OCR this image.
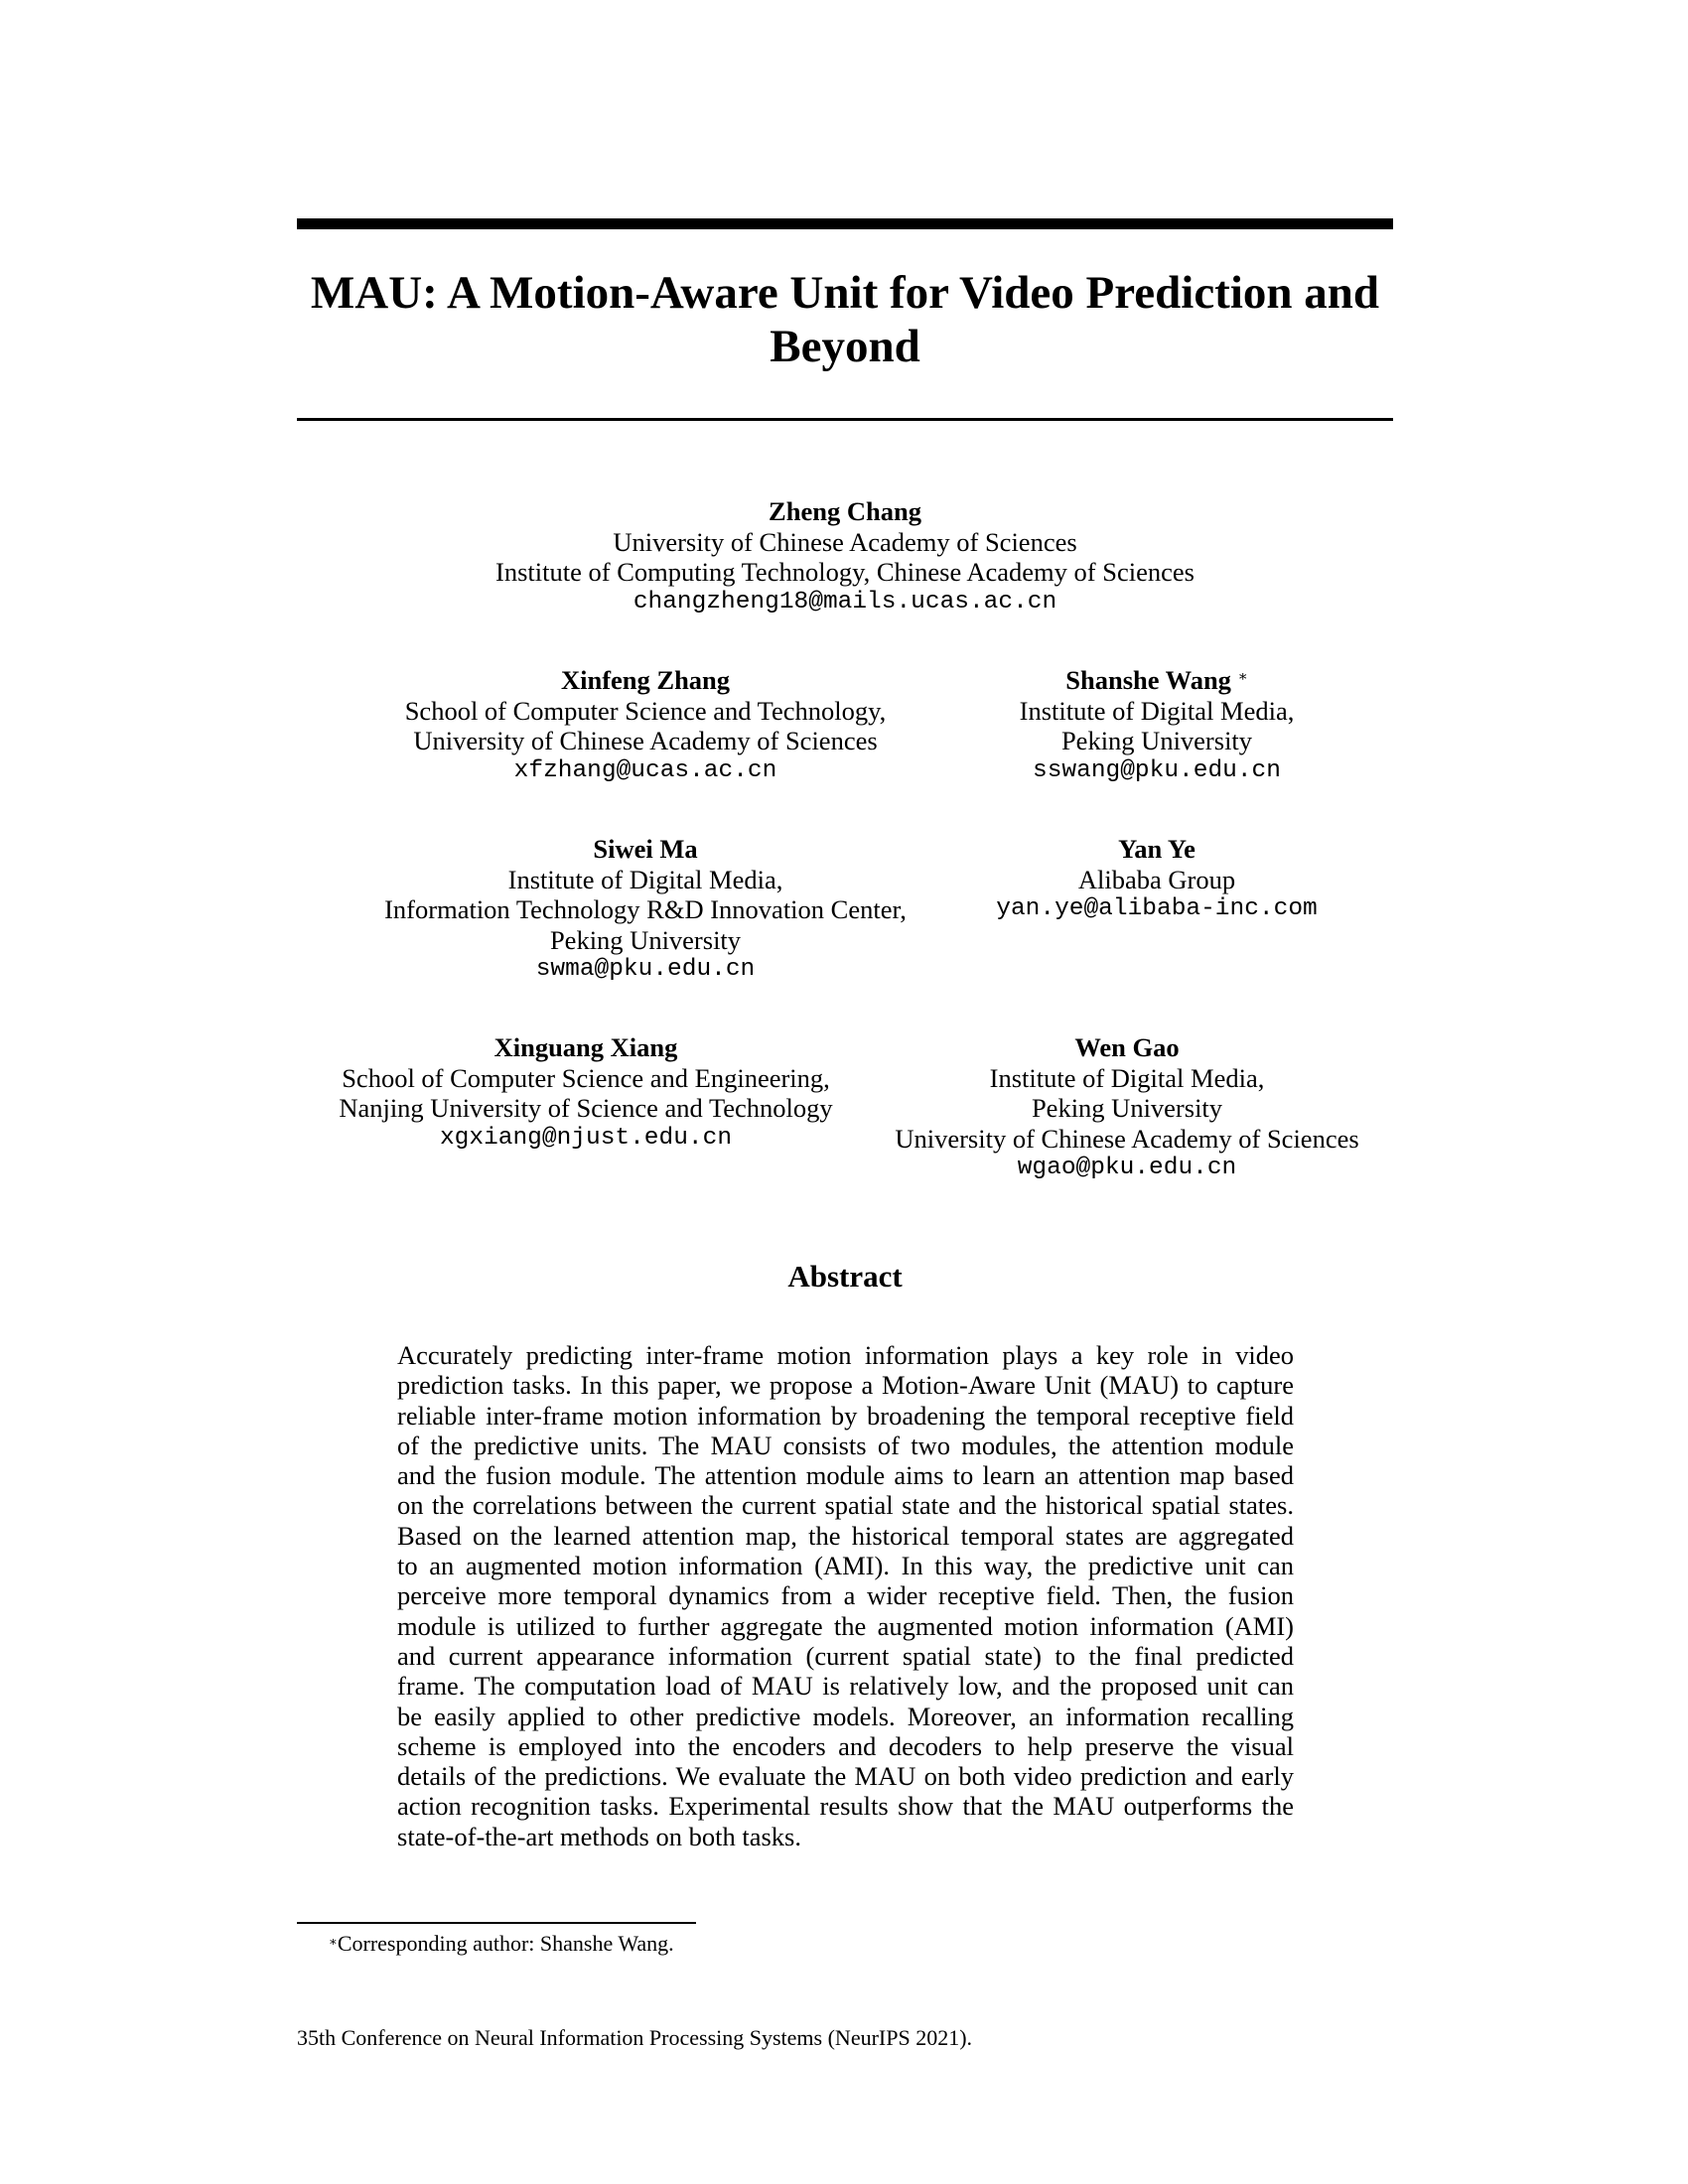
MAU: A Motion-Aware Unit for Video Prediction and
Beyond
Zheng Chang
University of Chinese Academy of Sciences
Institute of Computing Technology, Chinese Academy of Sciences
changzheng18@mails.ucas.ac.cn
Xinfeng Zhang
School of Computer Science and Technology,
University of Chinese Academy of Sciences
xfzhang@ucas.ac.cn
Shanshe Wang ∗
Institute of Digital Media,
Peking University
sswang@pku.edu.cn
Siwei Ma
Institute of Digital Media,
Information Technology R&D Innovation Center,
Peking University
swma@pku.edu.cn
Yan Ye
Alibaba Group
yan.ye@alibaba-inc.com
Xinguang Xiang
School of Computer Science and Engineering,
Nanjing University of Science and Technology
xgxiang@njust.edu.cn
Wen Gao
Institute of Digital Media,
Peking University
University of Chinese Academy of Sciences
wgao@pku.edu.cn
Abstract
Accurately predicting inter-frame motion information plays a key role in video
prediction tasks. In this paper, we propose a Motion-Aware Unit (MAU) to capture
reliable inter-frame motion information by broadening the temporal receptive field
of the predictive units. The MAU consists of two modules, the attention module
and the fusion module. The attention module aims to learn an attention map based
on the correlations between the current spatial state and the historical spatial states.
Based on the learned attention map, the historical temporal states are aggregated
to an augmented motion information (AMI). In this way, the predictive unit can
perceive more temporal dynamics from a wider receptive field. Then, the fusion
module is utilized to further aggregate the augmented motion information (AMI)
and current appearance information (current spatial state) to the final predicted
frame. The computation load of MAU is relatively low, and the proposed unit can
be easily applied to other predictive models. Moreover, an information recalling
scheme is employed into the encoders and decoders to help preserve the visual
details of the predictions. We evaluate the MAU on both video prediction and early
action recognition tasks. Experimental results show that the MAU outperforms the
state-of-the-art methods on both tasks.
∗Corresponding author: Shanshe Wang.
35th Conference on Neural Information Processing Systems (NeurIPS 2021).
